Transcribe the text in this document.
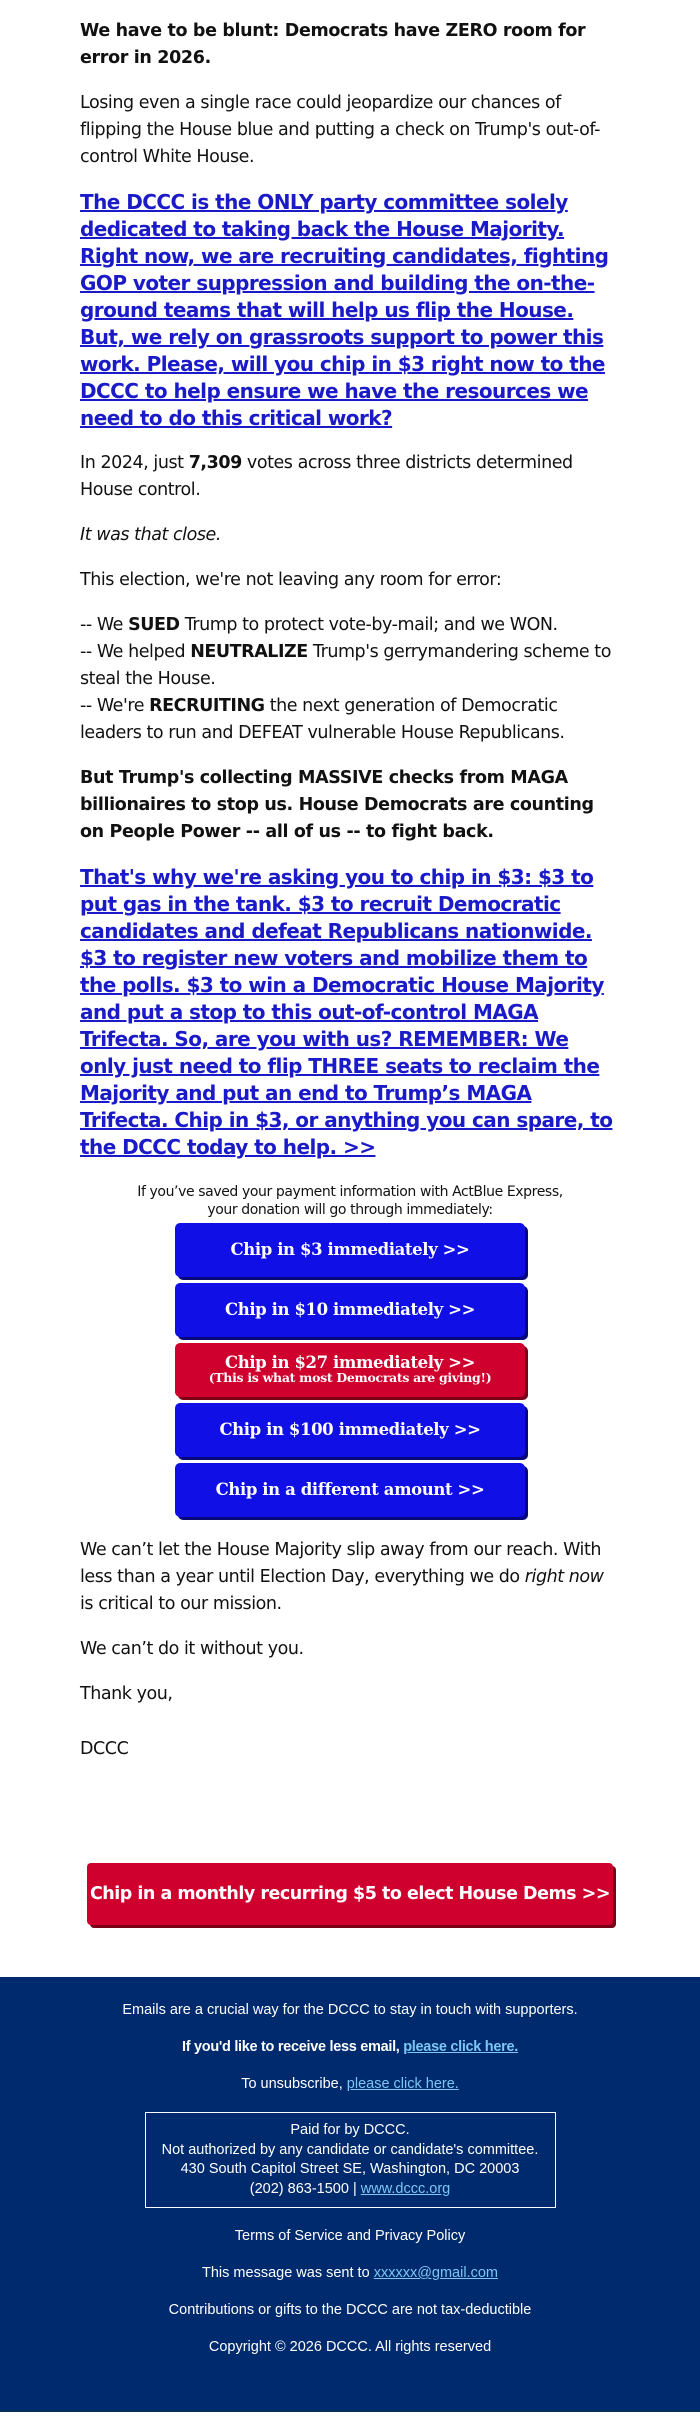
We have to be blunt: Democrats have ZERO room for error in 2026.

Losing even a single race could jeopardize our chances of flipping the House blue and putting a check on Trump's out-of-control White House.

The DCCC is the ONLY party committee solely dedicated to taking back the House Majority. Right now, we are recruiting candidates, fighting GOP voter suppression and building the on-the-ground teams that will help us flip the House. But, we rely on grassroots support to power this work. Please, will you chip in $3 right now to the DCCC to help ensure we have the resources we need to do this critical work?

In 2024, just 7,309 votes across three districts determined House control.

It was that close.

This election, we're not leaving any room for error:

-- We SUED Trump to protect vote-by-mail; and we WON.

-- We helped NEUTRALIZE Trump's gerrymandering scheme to steal the House.

-- We're RECRUITING the next generation of Democratic leaders to run and DEFEAT vulnerable House Republicans.

But Trump's collecting MASSIVE checks from MAGA billionaires to stop us. House Democrats are counting on People Power -- all of us -- to fight back.

That's why we're asking you to chip in $3: $3 to put gas in the tank. $3 to recruit Democratic candidates and defeat Republicans nationwide. $3 to register new voters and mobilize them to the polls. $3 to win a Democratic House Majority and put a stop to this out-of-control MAGA Trifecta. So, are you with us? REMEMBER: We only just need to flip THREE seats to reclaim the Majority and put an end to Trump’s MAGA Trifecta. Chip in $3, or anything you can spare, to the DCCC today to help. >>

If you’ve saved your payment information with ActBlue Express,
your donation will go through immediately:

Chip in $3 immediately >>
Chip in $10 immediately >>
Chip in $27 immediately >>
(This is what most Democrats are giving!)
Chip in $100 immediately >>
Chip in a different amount >>

We can’t let the House Majority slip away from our reach. With less than a year until Election Day, everything we do right now is critical to our mission.

We can’t do it without you.

Thank you,

DCCC

Chip in a monthly recurring $5 to elect House Dems >>

Emails are a crucial way for the DCCC to stay in touch with supporters.

If you'd like to receive less email, please click here.

To unsubscribe, please click here.

Paid for by DCCC.
Not authorized by any candidate or candidate's committee.
430 South Capitol Street SE, Washington, DC 20003
(202) 863-1500 | www.dccc.org

Terms of Service and Privacy Policy

This message was sent to xxxxxx@gmail.com

Contributions or gifts to the DCCC are not tax-deductible

Copyright © 2026 DCCC. All rights reserved
